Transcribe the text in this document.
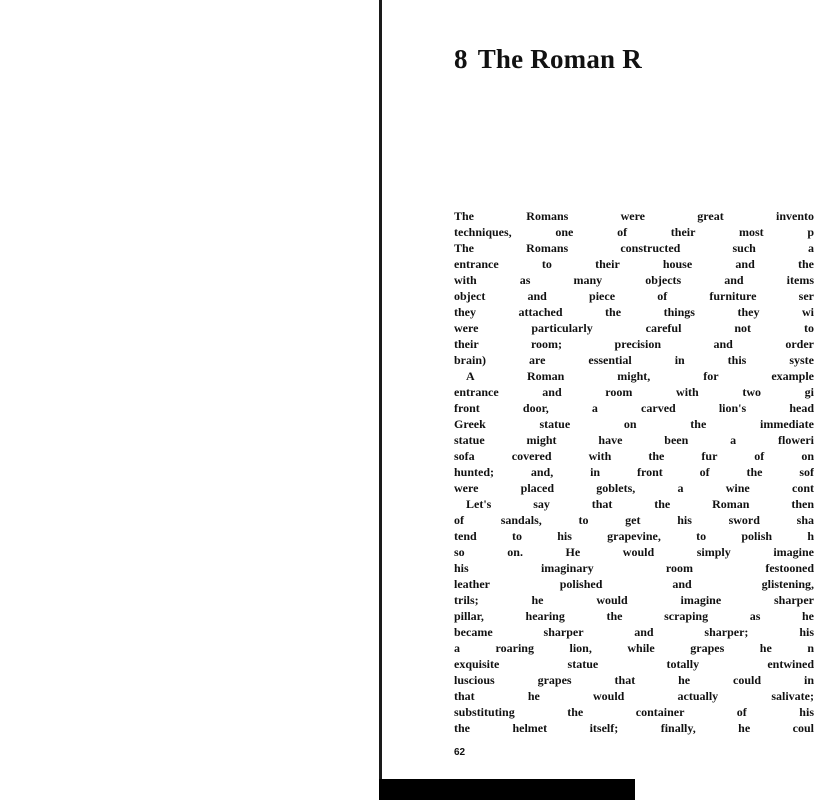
8 The Roman R
The Romans were great invento
techniques, one of their most p
The Romans constructed such a
entrance to their house and the
with as many objects and items
object and piece of furniture ser
they attached the things they wi
were particularly careful not to
their room; precision and order
brain) are essential in this syste
A Roman might, for example
entrance and room with two gi
front door, a carved lion's head
Greek statue on the immediate
statue might have been a floweri
sofa covered with the fur of on
hunted; and, in front of the sof
were placed goblets, a wine cont
Let's say that the Roman then
of sandals, to get his sword sha
tend to his grapevine, to polish h
so on. He would simply imagine
his imaginary room festooned
leather polished and glistening,
trils; he would imagine sharper
pillar, hearing the scraping as he
became sharper and sharper; his
a roaring lion, while grapes he n
exquisite statue totally entwined
luscious grapes that he could in
that he would actually salivate;
substituting the container of his
the helmet itself; finally, he coul
62
